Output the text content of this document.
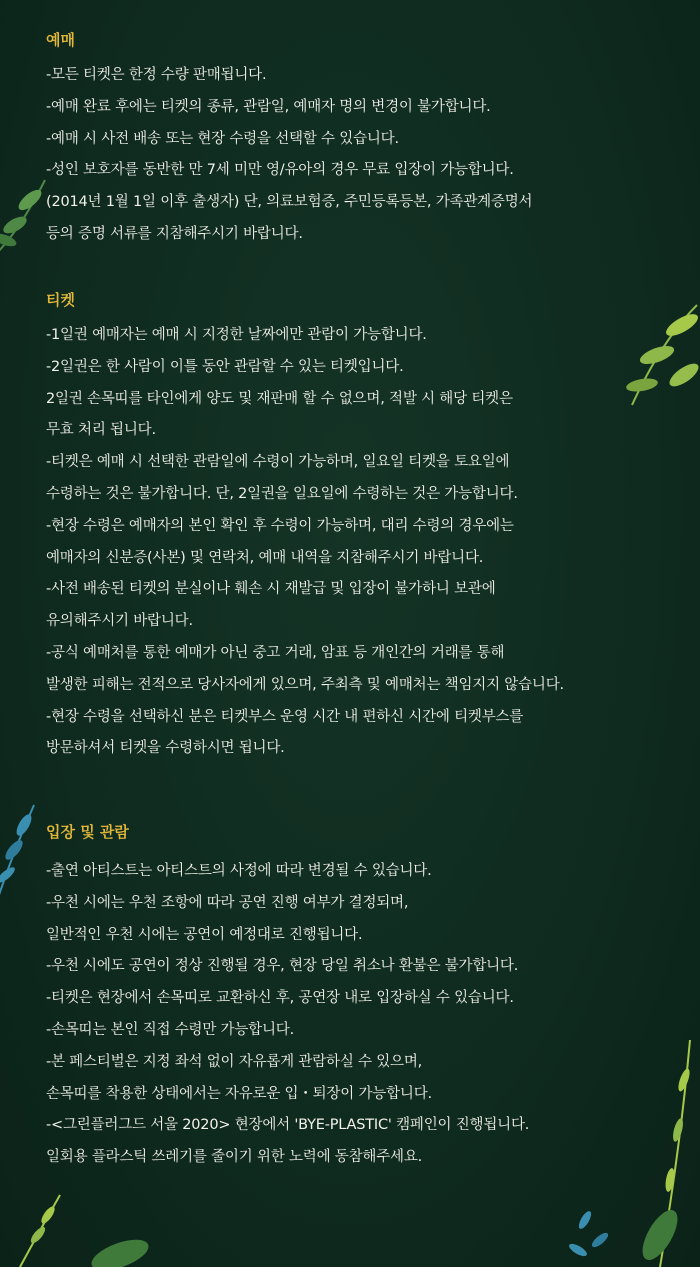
예매
-모든 티켓은 한정 수량 판매됩니다.
-예매 완료 후에는 티켓의 종류, 관람일, 예매자 명의 변경이 불가합니다.
-예매 시 사전 배송 또는 현장 수령을 선택할 수 있습니다.
-성인 보호자를 동반한 만 7세 미만 영/유아의 경우 무료 입장이 가능합니다.
(2014년 1월 1일 이후 출생자) 단, 의료보험증, 주민등록등본, 가족관계증명서
등의 증명 서류를 지참해주시기 바랍니다.
티켓
-1일권 예매자는 예매 시 지정한 날짜에만 관람이 가능합니다.
-2일권은 한 사람이 이틀 동안 관람할 수 있는 티켓입니다.
2일권 손목띠를 타인에게 양도 및 재판매 할 수 없으며, 적발 시 해당 티켓은
무효 처리 됩니다.
-티켓은 예매 시 선택한 관람일에 수령이 가능하며, 일요일 티켓을 토요일에
수령하는 것은 불가합니다. 단, 2일권을 일요일에 수령하는 것은 가능합니다.
-현장 수령은 예매자의 본인 확인 후 수령이 가능하며, 대리 수령의 경우에는
예매자의 신분증(사본) 및 연락처, 예매 내역을 지참해주시기 바랍니다.
-사전 배송된 티켓의 분실이나 훼손 시 재발급 및 입장이 불가하니 보관에
유의해주시기 바랍니다.
-공식 예매처를 통한 예매가 아닌 중고 거래, 암표 등 개인간의 거래를 통해
발생한 피해는 전적으로 당사자에게 있으며, 주최측 및 예매처는 책임지지 않습니다.
-현장 수령을 선택하신 분은 티켓부스 운영 시간 내 편하신 시간에 티켓부스를
방문하셔서 티켓을 수령하시면 됩니다.
입장 및 관람
-출연 아티스트는 아티스트의 사정에 따라 변경될 수 있습니다.
-우천 시에는 우천 조항에 따라 공연 진행 여부가 결정되며,
일반적인 우천 시에는 공연이 예정대로 진행됩니다.
-우천 시에도 공연이 정상 진행될 경우, 현장 당일 취소나 환불은 불가합니다.
-티켓은 현장에서 손목띠로 교환하신 후, 공연장 내로 입장하실 수 있습니다.
-손목띠는 본인 직접 수령만 가능합니다.
-본 페스티벌은 지정 좌석 없이 자유롭게 관람하실 수 있으며,
손목띠를 착용한 상태에서는 자유로운 입・퇴장이 가능합니다.
-<그린플러그드 서울 2020> 현장에서 'BYE-PLASTIC' 캠페인이 진행됩니다.
일회용 플라스틱 쓰레기를 줄이기 위한 노력에 동참해주세요.
